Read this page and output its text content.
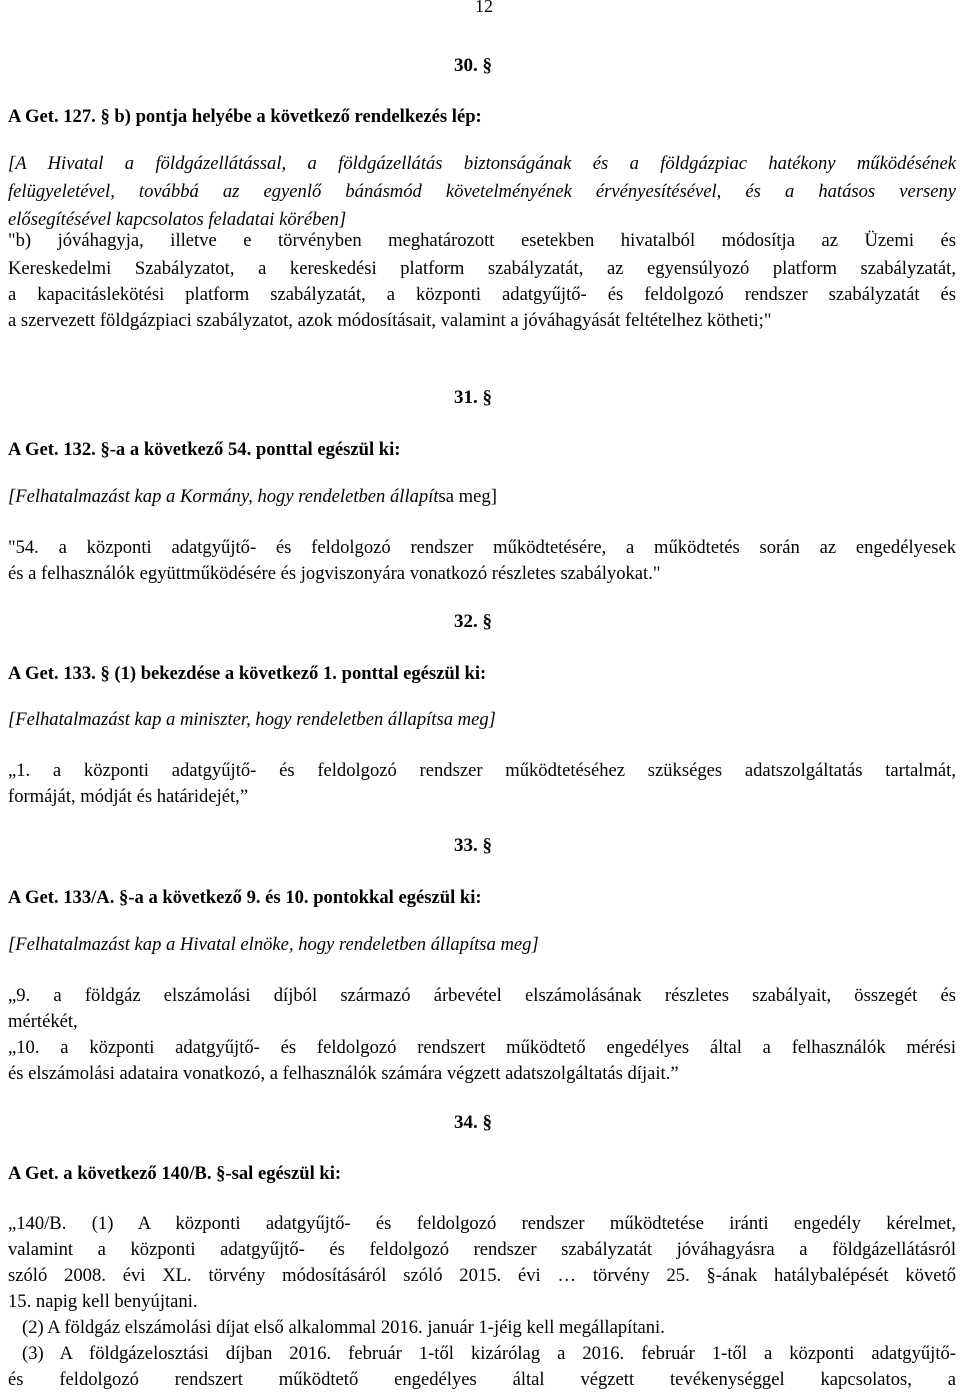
12
30. §
A Get. 127. § b) pontja helyébe a következő rendelkezés lép:
[A Hivatal a földgázellátással, a földgázellátás biztonságának és a földgázpiac hatékony működésének
felügyeletével, továbbá az egyenlő bánásmód követelményének érvényesítésével, és a hatásos verseny
elősegítésével kapcsolatos feladatai körében]
"b) jóváhagyja, illetve e törvényben meghatározott esetekben hivatalból módosítja az Üzemi és
Kereskedelmi Szabályzatot, a kereskedési platform szabályzatát, az egyensúlyozó platform szabályzatát,
a kapacitáslekötési platform szabályzatát, a központi adatgyűjtő- és feldolgozó rendszer szabályzatát és
a szervezett földgázpiaci szabályzatot, azok módosításait, valamint a jóváhagyását feltételhez kötheti;"
31. §
A Get. 132. §-a a következő 54. ponttal egészül ki:
[Felhatalmazást kap a Kormány, hogy rendeletben állapítsa meg]
"54. a központi adatgyűjtő- és feldolgozó rendszer működtetésére, a működtetés során az engedélyesek
és a felhasználók együttműködésére és jogviszonyára vonatkozó részletes szabályokat."
32. §
A Get. 133. § (1) bekezdése a következő 1. ponttal egészül ki:
[Felhatalmazást kap a miniszter, hogy rendeletben állapítsa meg]
„1. a központi adatgyűjtő- és feldolgozó rendszer működtetéséhez szükséges adatszolgáltatás tartalmát,
formáját, módját és határidejét,”
33. §
A Get. 133/A. §-a a következő 9. és 10. pontokkal egészül ki:
[Felhatalmazást kap a Hivatal elnöke, hogy rendeletben állapítsa meg]
„9. a földgáz elszámolási díjból származó árbevétel elszámolásának részletes szabályait, összegét és
mértékét,
„10. a központi adatgyűjtő- és feldolgozó rendszert működtető engedélyes által a felhasználók mérési
és elszámolási adataira vonatkozó, a felhasználók számára végzett adatszolgáltatás díjait.”
34. §
A Get. a következő 140/B. §-sal egészül ki:
„140/B. (1) A központi adatgyűjtő- és feldolgozó rendszer működtetése iránti engedély kérelmet,
valamint a központi adatgyűjtő- és feldolgozó rendszer szabályzatát jóváhagyásra a földgázellátásról
szóló 2008. évi XL. törvény módosításáról szóló 2015. évi … törvény 25. §-ának hatálybalépését követő
15. napig kell benyújtani.
(2) A földgáz elszámolási díjat első alkalommal 2016. január 1-jéig kell megállapítani.
(3) A földgázelosztási díjban 2016. február 1-től kizárólag a 2016. február 1-től a központi adatgyűjtő-
és feldolgozó rendszert működtető engedélyes által végzett tevékenységgel kapcsolatos, a
